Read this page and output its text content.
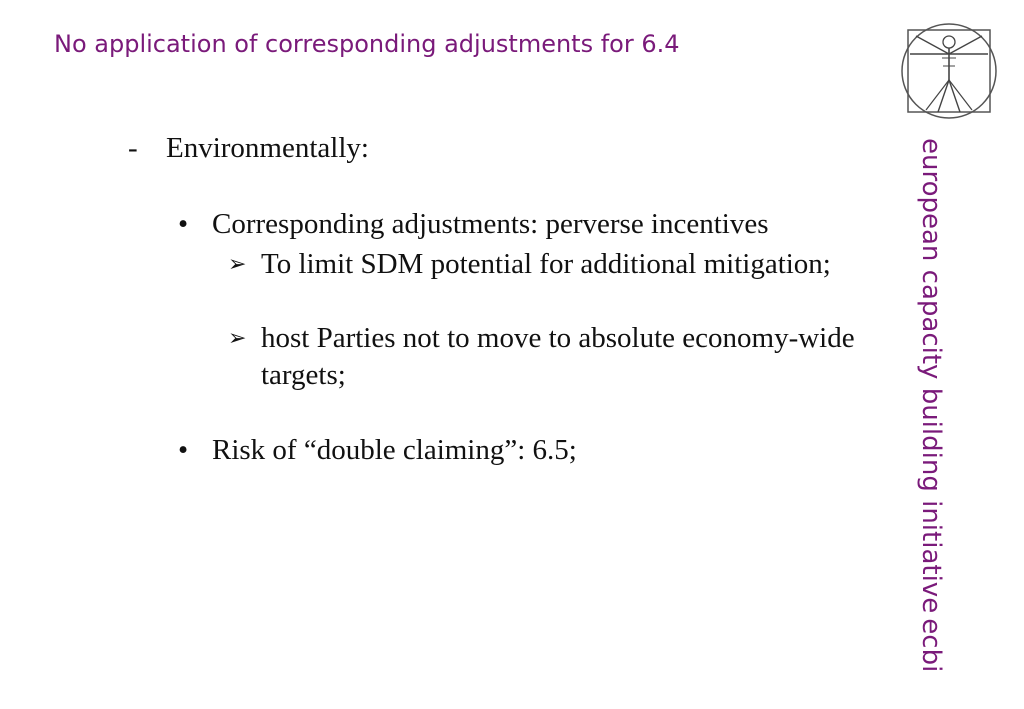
No application of corresponding adjustments for 6.4
european capacity building initiative ecbi
- Environmentally:
• Corresponding adjustments: perverse incentives
➢ To limit SDM potential for additional mitigation;
➢ host Parties not to move to absolute economy-wide targets;
• Risk of “double claiming”: 6.5;
